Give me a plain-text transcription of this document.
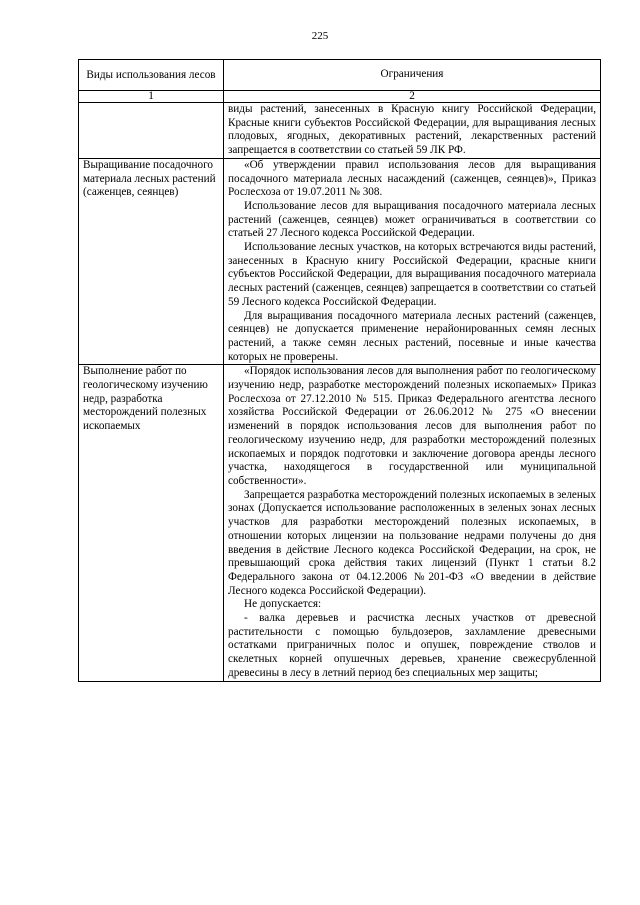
225
Виды использования лесов	Ограничения
1	2

	виды растений, занесенных в Красную книгу Российской Федерации, Красные книги субъектов Российской Федерации, для выращивания лесных плодовых, ягодных, декоративных растений, лекарственных растений запрещается в соответствии со статьей 59 ЛК РФ.

Выращивание посадочного материала лесных растений (саженцев, сеянцев)	«Об утверждении правил использования лесов для выращивания посадочного материала лесных насаждений (саженцев, сеянцев)», Приказ Рослесхоза от 19.07.2011 № 308.

Использование лесов для выращивания посадочного материала лесных растений (саженцев, сеянцев) может ограничиваться в соответствии со статьей 27 Лесного кодекса Российской Федерации.

Использование лесных участков, на которых встречаются виды растений, занесенных в Красную книгу Российской Федерации, красные книги субъектов Российской Федерации, для выращивания посадочного материала лесных растений (саженцев, сеянцев) запрещается в соответствии со статьей 59 Лесного кодекса Российской Федерации.

Для выращивания посадочного материала лесных растений (саженцев, сеянцев) не допускается применение нерайонированных семян лесных растений, а также семян лесных растений, посевные и иные качества которых не проверены.

Выполнение работ по геологическому изучению недр, разработка месторождений полезных ископаемых	«Порядок использования лесов для выполнения работ по геологическому изучению недр, разработке месторождений полезных ископаемых» Приказ Рослесхоза от 27.12.2010 № 515. Приказ Федерального агентства лесного хозяйства Российской Федерации от 26.06.2012 № 275 «О внесении изменений в порядок использования лесов для выполнения работ по геологическому изучению недр, для разработки месторождений полезных ископаемых и порядок подготовки и заключение договора аренды лесного участка, находящегося в государственной или муниципальной собственности».

Запрещается разработка месторождений полезных ископаемых в зеленых зонах (Допускается использование расположенных в зеленых зонах лесных участков для разработки месторождений полезных ископаемых, в отношении которых лицензии на пользование недрами получены до дня введения в действие Лесного кодекса Российской Федерации, на срок, не превышающий срока действия таких лицензий (Пункт 1 статьи 8.2 Федерального закона от 04.12.2006 №201-ФЗ «О введении в действие Лесного кодекса Российской Федерации).

Не допускается:

- валка деревьев и расчистка лесных участков от древесной растительности с помощью бульдозеров, захламление древесными остатками приграничных полос и опушек, повреждение стволов и скелетных корней опушечных деревьев, хранение свежесрубленной древесины в лесу в летний период без специальных мер защиты;
